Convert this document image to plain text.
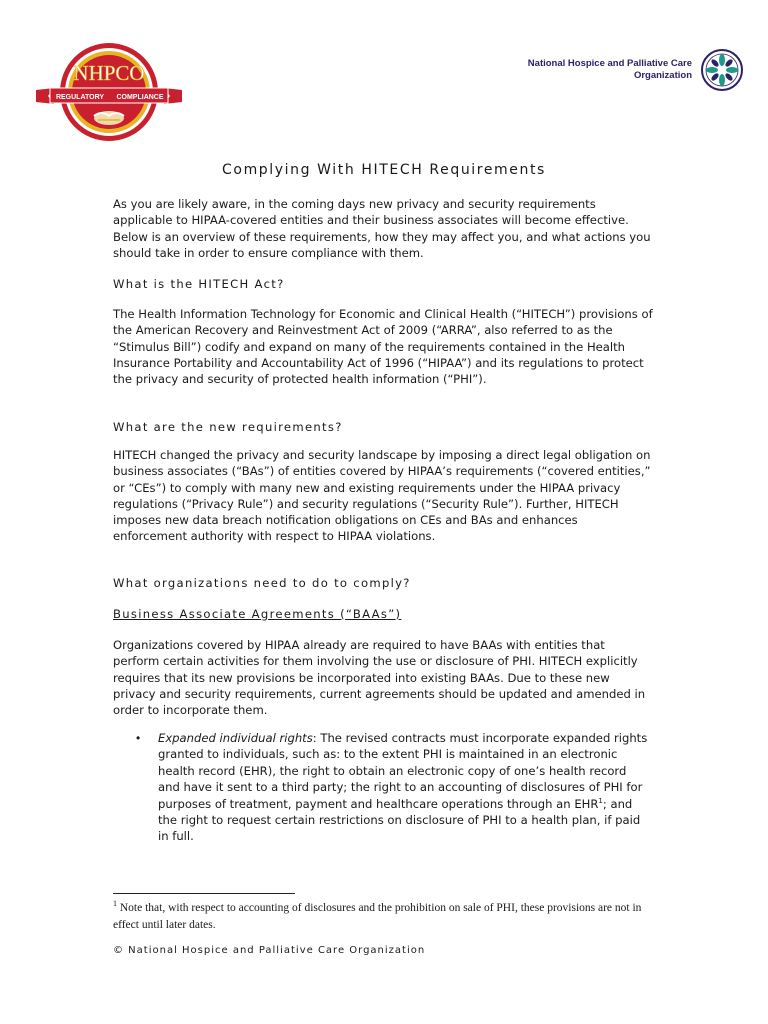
NHPCO
REGULATORY COMPLIANCE
National Hospice and Palliative Care
Organization
Complying With HITECH Requirements

As you are likely aware, in the coming days new privacy and security requirements applicable to HIPAA-covered entities and their business associates will become effective. Below is an overview of these requirements, how they may affect you, and what actions you should take in order to ensure compliance with them.

What is the HITECH Act?

The Health Information Technology for Economic and Clinical Health (“HITECH”) provisions of the American Recovery and Reinvestment Act of 2009 (“ARRA”, also referred to as the “Stimulus Bill”) codify and expand on many of the requirements contained in the Health Insurance Portability and Accountability Act of 1996 (“HIPAA”) and its regulations to protect the privacy and security of protected health information (“PHI”).

What are the new requirements?

HITECH changed the privacy and security landscape by imposing a direct legal obligation on business associates (“BAs”) of entities covered by HIPAA’s requirements (“covered entities,” or “CEs”) to comply with many new and existing requirements under the HIPAA privacy regulations (“Privacy Rule”) and security regulations (“Security Rule”). Further, HITECH imposes new data breach notification obligations on CEs and BAs and enhances enforcement authority with respect to HIPAA violations.

What organizations need to do to comply?

Business Associate Agreements (“BAAs”)

Organizations covered by HIPAA already are required to have BAAs with entities that perform certain activities for them involving the use or disclosure of PHI. HITECH explicitly requires that its new provisions be incorporated into existing BAAs. Due to these new privacy and security requirements, current agreements should be updated and amended in order to incorporate them.

•	Expanded individual rights: The revised contracts must incorporate expanded rights granted to individuals, such as: to the extent PHI is maintained in an electronic health record (EHR), the right to obtain an electronic copy of one’s health record and have it sent to a third party; the right to an accounting of disclosures of PHI for purposes of treatment, payment and healthcare operations through an EHR$^1$; and the right to request certain restrictions on disclosure of PHI to a health plan, if paid in full.
$^1$ Note that, with respect to accounting of disclosures and the prohibition on sale of PHI, these provisions are not in effect until later dates.
© National Hospice and Palliative Care Organization
